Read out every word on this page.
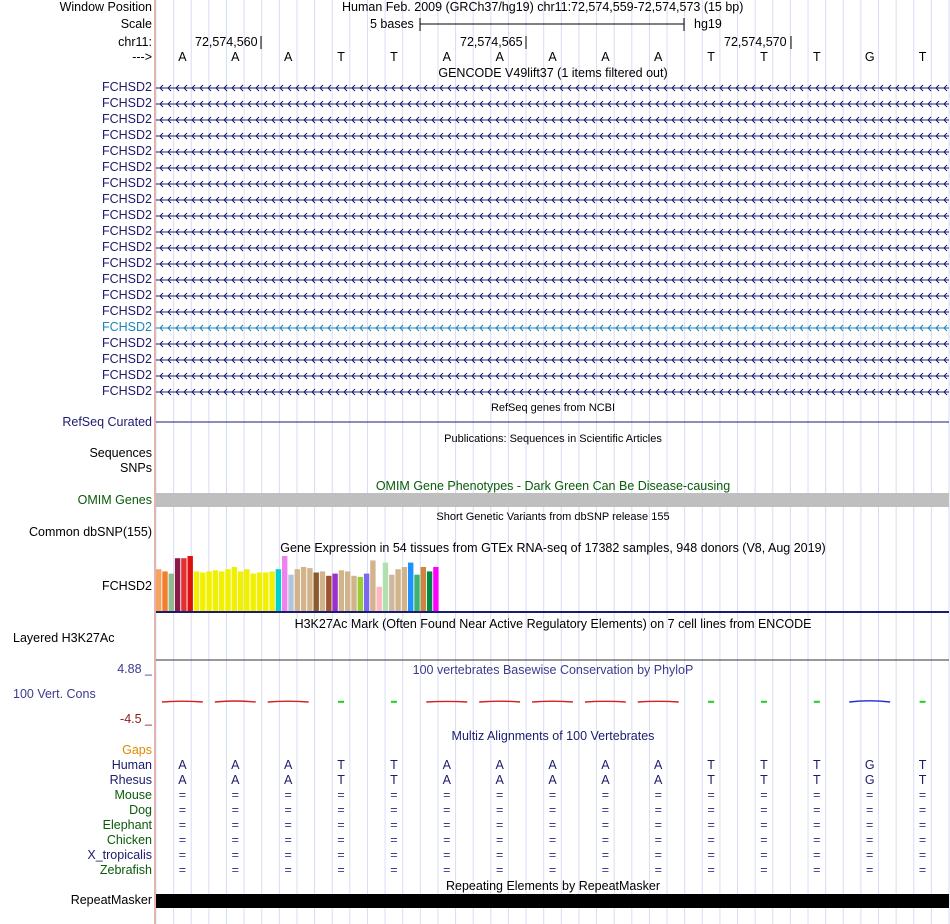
Window Position	Human Feb. 2009 (GRCh37/hg19) chr11:72,574,559-72,574,573 (15 bp)
Scale	5 bases	hg19
chr11:	72,574,560	72,574,565	72,574,570
---> A	A	A	T	T	A	A	A	A	A	T	T	T	G	T
GENCODE V49lift37 (1 items filtered out)
FCHSD2
FCHSD2
FCHSD2
FCHSD2
FCHSD2
FCHSD2
FCHSD2
FCHSD2
FCHSD2
FCHSD2
FCHSD2
FCHSD2
FCHSD2
FCHSD2
FCHSD2
FCHSD2
FCHSD2
FCHSD2
FCHSD2
FCHSD2
RefSeq genes from NCBI
RefSeq Curated
Publications: Sequences in Scientific Articles
Sequences
SNPs
OMIM Gene Phenotypes - Dark Green Can Be Disease-causing
OMIM Genes
Short Genetic Variants from dbSNP release 155
Common dbSNP(155)
Gene Expression in 54 tissues from GTEx RNA-seq of 17382 samples, 948 donors (V8, Aug 2019)
FCHSD2
H3K27Ac Mark (Often Found Near Active Regulatory Elements) on 7 cell lines from ENCODE
Layered H3K27Ac
100 vertebrates Basewise Conservation by PhyloP
4.88 _
100 Vert. Cons
-4.5 _
Multiz Alignments of 100 Vertebrates
Gaps
Human A	A	A	T	T	A	A	A	A	A	T	T	T	G	T
Rhesus A	A	A	T	T	A	A	A	A	A	T	T	T	G	T
Mouse =	=	=	=	=	=	=	=	=	=	=	=	=	=	=
Dog =	=	=	=	=	=	=	=	=	=	=	=	=	=	=
Elephant =	=	=	=	=	=	=	=	=	=	=	=	=	=	=
Chicken =	=	=	=	=	=	=	=	=	=	=	=	=	=	=
X_tropicalis =	=	=	=	=	=	=	=	=	=	=	=	=	=	=
Zebrafish =	=	=	=	=	=	=	=	=	=	=	=	=	=	=
Repeating Elements by RepeatMasker
RepeatMasker
